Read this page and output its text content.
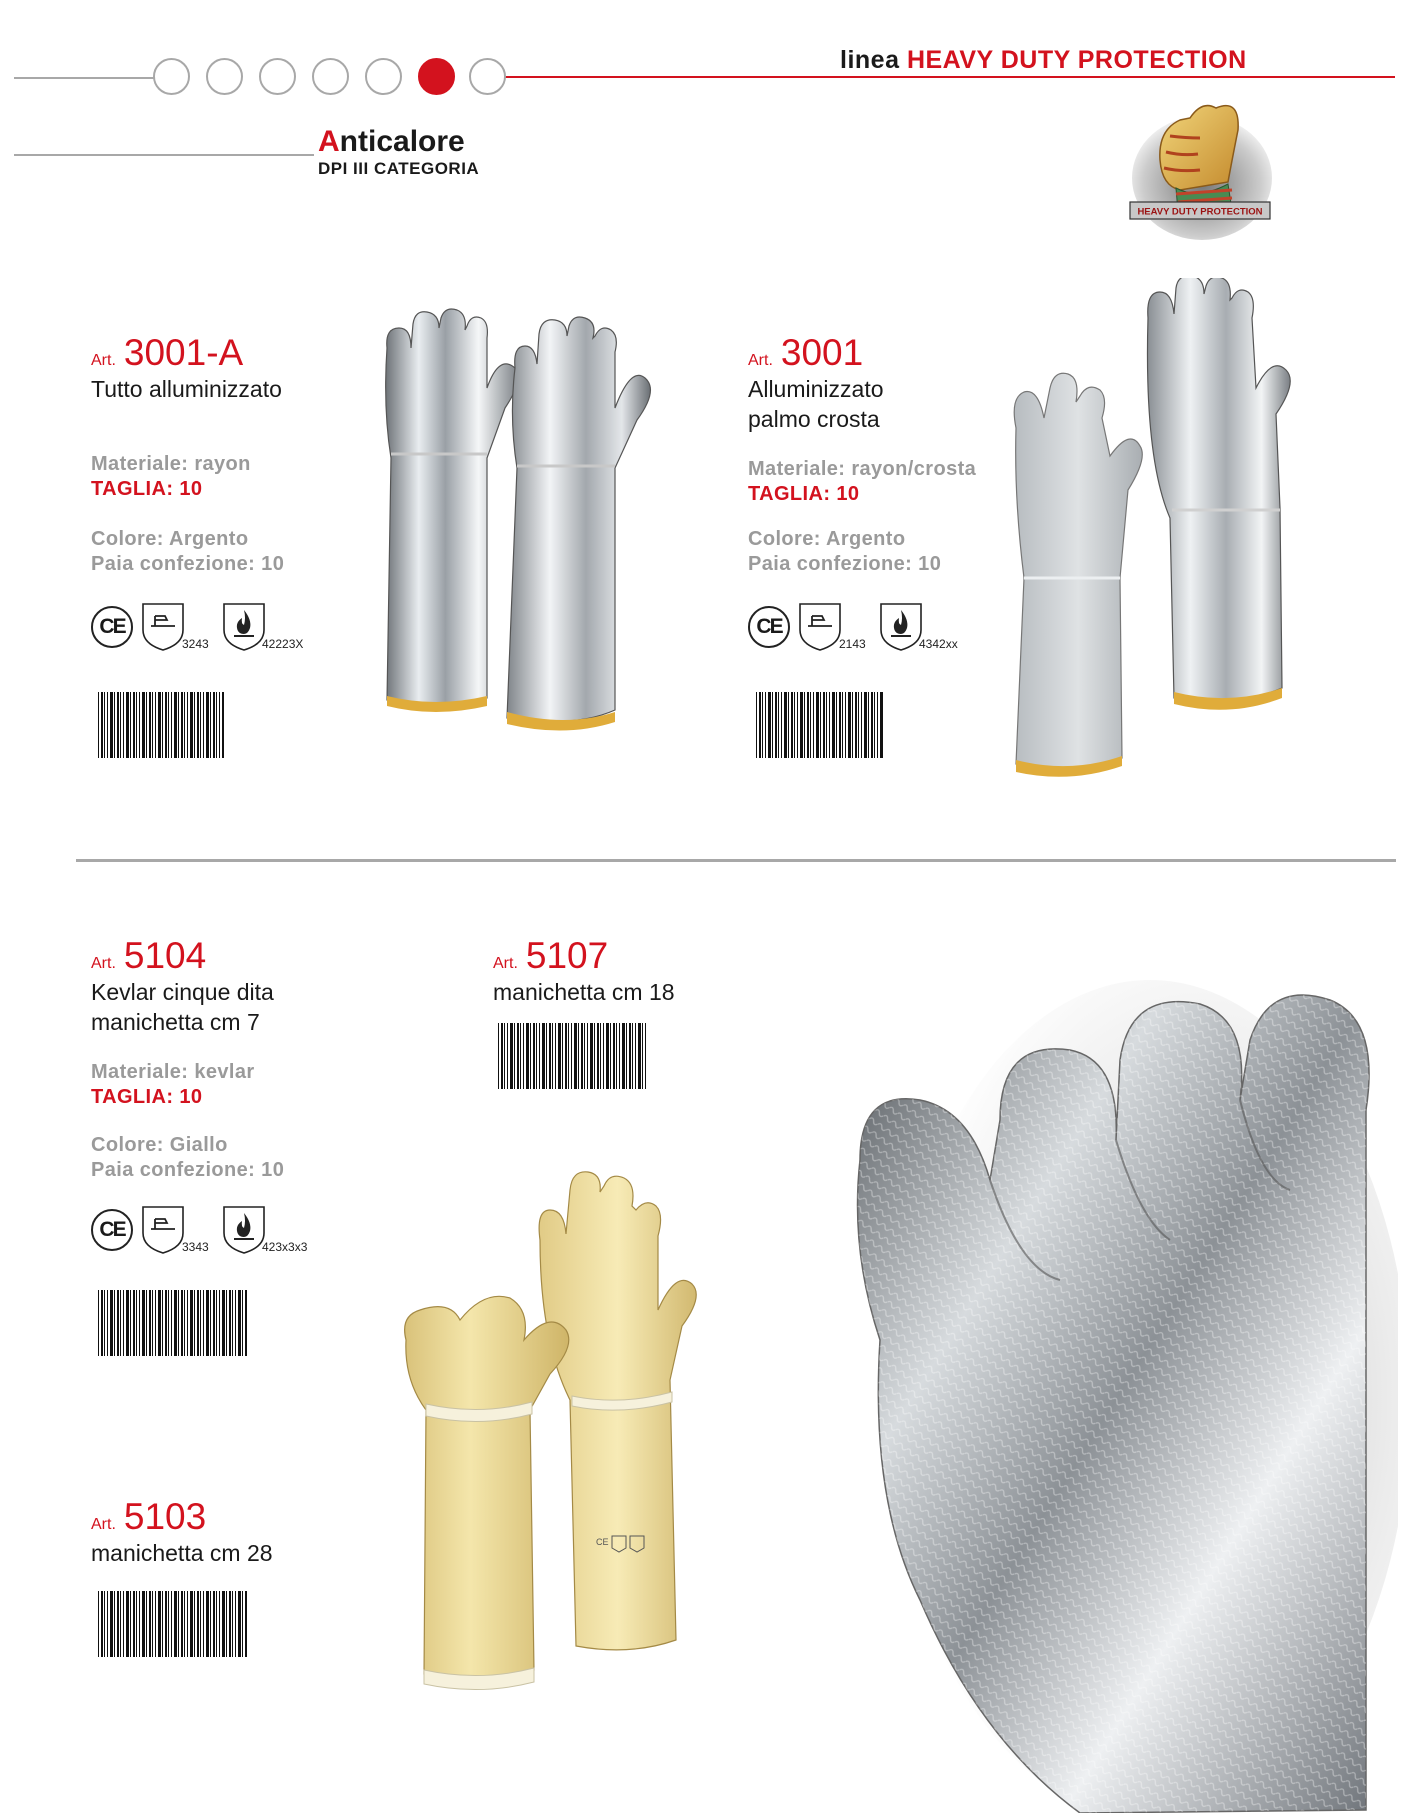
linea HEAVY DUTY PROTECTION
Anticalore
DPI III CATEGORIA
HEAVY DUTY PROTECTION
Art. 3001-A
Tutto alluminizzato
Materiale: rayon
TAGLIA: 10
Colore: Argento
Paia confezione: 10
CE
3243	42223X
Art. 3001
Alluminizzato
palmo crosta
Materiale: rayon/crosta
TAGLIA: 10
Colore: Argento
Paia confezione: 10
CE
2143	4342xx
Art. 5104
Kevlar cinque dita
manichetta cm 7
Materiale: kevlar
TAGLIA: 10
Colore: Giallo
Paia confezione: 10
CE
3343	423x3x3
Art. 5107
manichetta cm 18
Art. 5103
manichetta cm 28	CE
